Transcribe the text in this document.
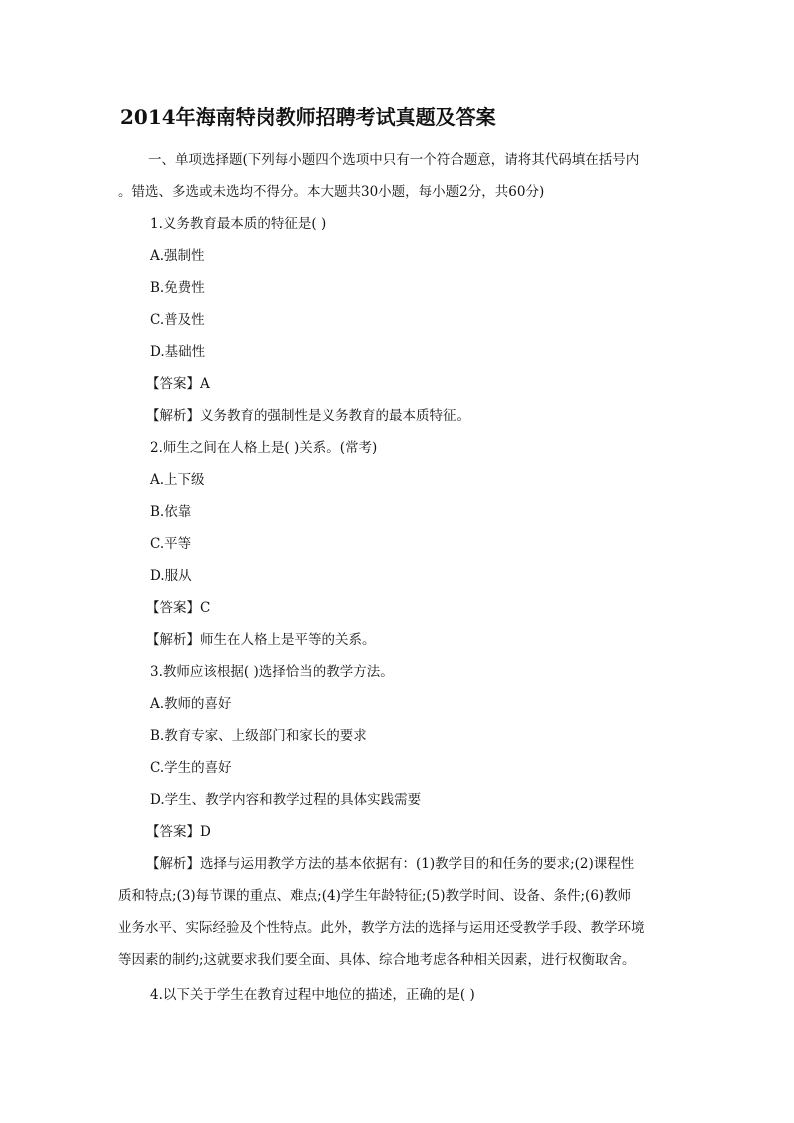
2014年海南特岗教师招聘考试真题及答案
一、单项选择题(下列每小题四个选项中只有一个符合题意，请将其代码填在括号内
。错选、多选或未选均不得分。本大题共30小题，每小题2分，共60分)
1.义务教育最本质的特征是( )
A.强制性
B.免费性
C.普及性
D.基础性
【答案】A
【解析】义务教育的强制性是义务教育的最本质特征。
2.师生之间在人格上是( )关系。(常考)
A.上下级
B.依靠
C.平等
D.服从
【答案】C
【解析】师生在人格上是平等的关系。
3.教师应该根据( )选择恰当的教学方法。
A.教师的喜好
B.教育专家、上级部门和家长的要求
C.学生的喜好
D.学生、教学内容和教学过程的具体实践需要
【答案】D
【解析】选择与运用教学方法的基本依据有：(1)教学目的和任务的要求;(2)课程性
质和特点;(3)每节课的重点、难点;(4)学生年龄特征;(5)教学时间、设备、条件;(6)教师
业务水平、实际经验及个性特点。此外，教学方法的选择与运用还受教学手段、教学环境
等因素的制约;这就要求我们要全面、具体、综合地考虑各种相关因素，进行权衡取舍。
4.以下关于学生在教育过程中地位的描述，正确的是( )
